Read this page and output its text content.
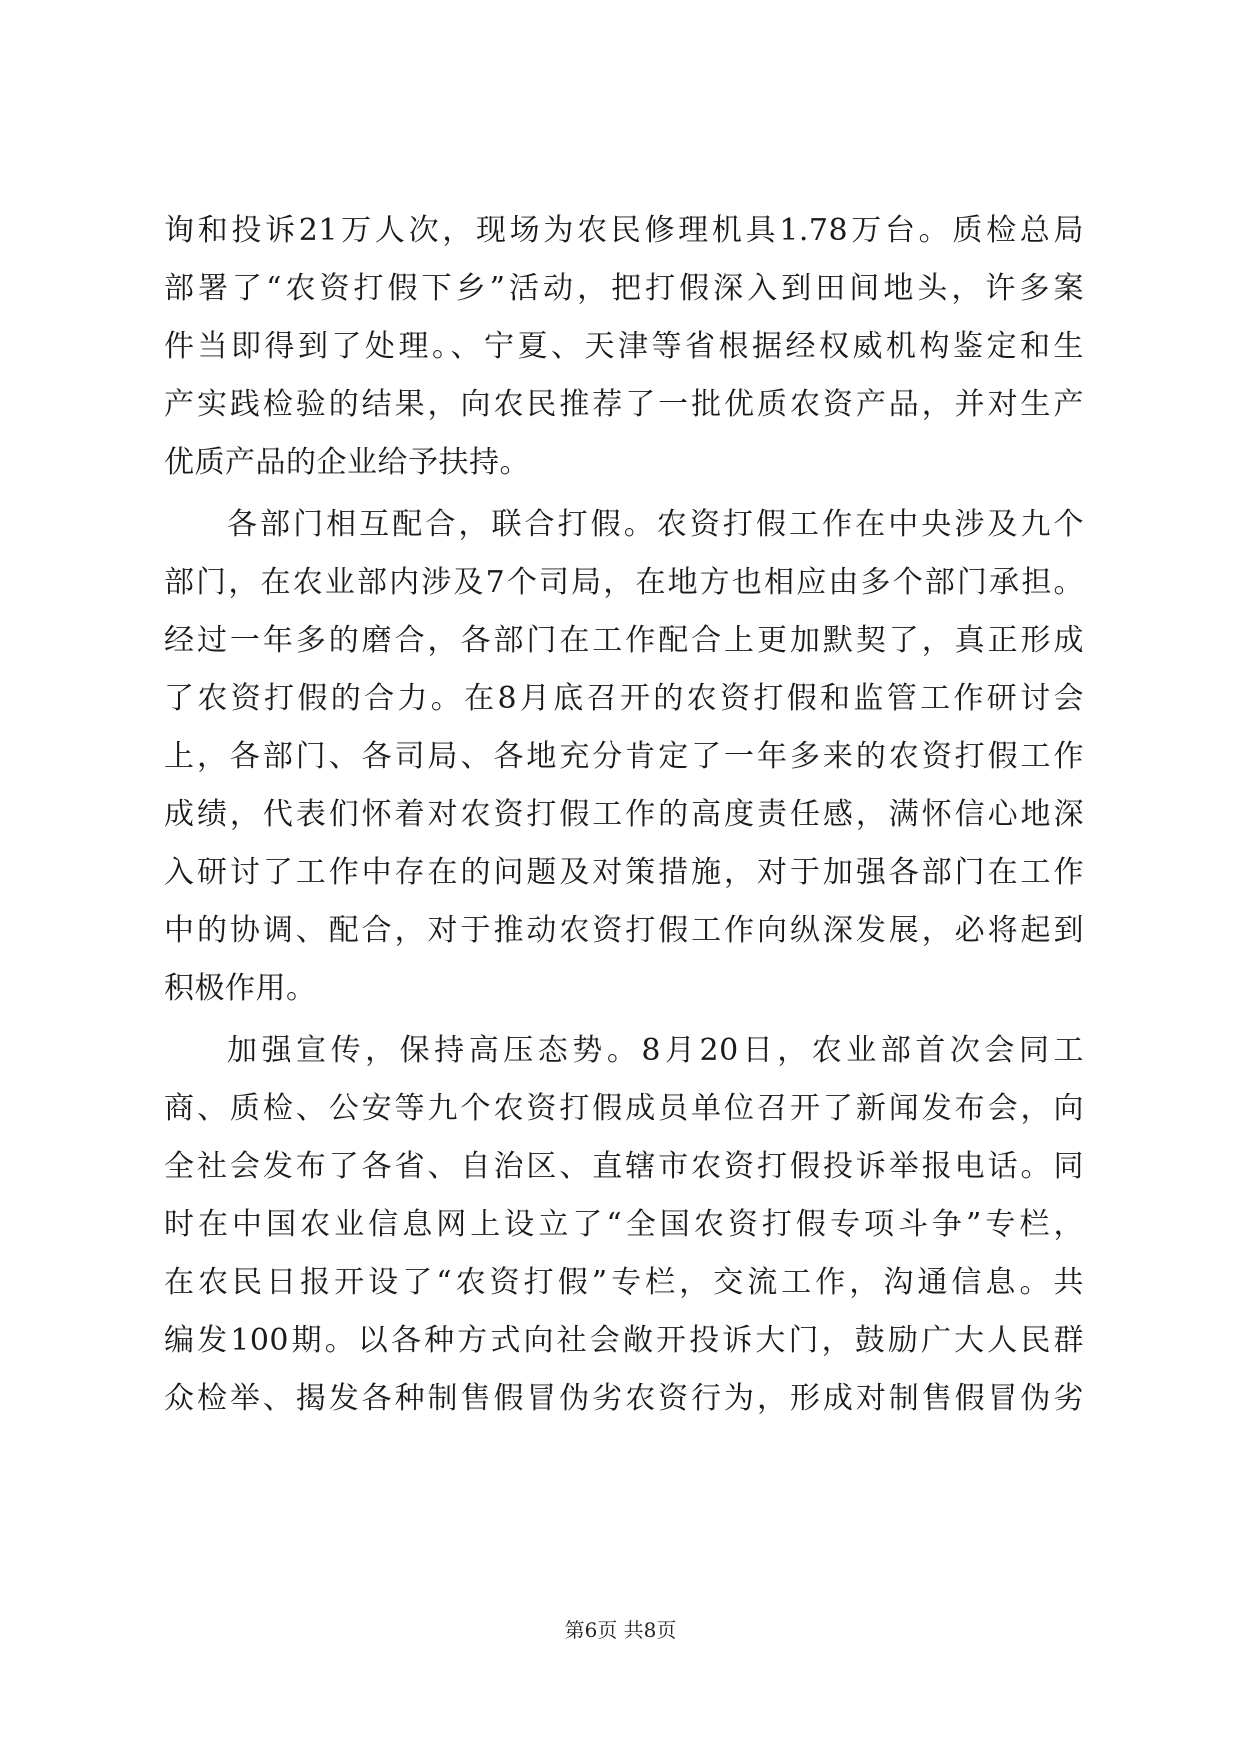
询和投诉21万人次，现场为农民修理机具1.78万台。质检总局
部署了“农资打假下乡”活动，把打假深入到田间地头，许多案
件当即得到了处理。、宁夏、天津等省根据经权威机构鉴定和生
产实践检验的结果，向农民推荐了一批优质农资产品，并对生产
优质产品的企业给予扶持。
各部门相互配合，联合打假。农资打假工作在中央涉及九个
部门，在农业部内涉及7个司局，在地方也相应由多个部门承担。
经过一年多的磨合，各部门在工作配合上更加默契了，真正形成
了农资打假的合力。在8月底召开的农资打假和监管工作研讨会
上，各部门、各司局、各地充分肯定了一年多来的农资打假工作
成绩，代表们怀着对农资打假工作的高度责任感，满怀信心地深
入研讨了工作中存在的问题及对策措施，对于加强各部门在工作
中的协调、配合，对于推动农资打假工作向纵深发展，必将起到
积极作用。
加强宣传，保持高压态势。8月20日，农业部首次会同工
商、质检、公安等九个农资打假成员单位召开了新闻发布会，向
全社会发布了各省、自治区、直辖市农资打假投诉举报电话。同
时在中国农业信息网上设立了“全国农资打假专项斗争”专栏，
在农民日报开设了“农资打假”专栏，交流工作，沟通信息。共
编发100期。以各种方式向社会敞开投诉大门，鼓励广大人民群
众检举、揭发各种制售假冒伪劣农资行为，形成对制售假冒伪劣
第6页 共8页
